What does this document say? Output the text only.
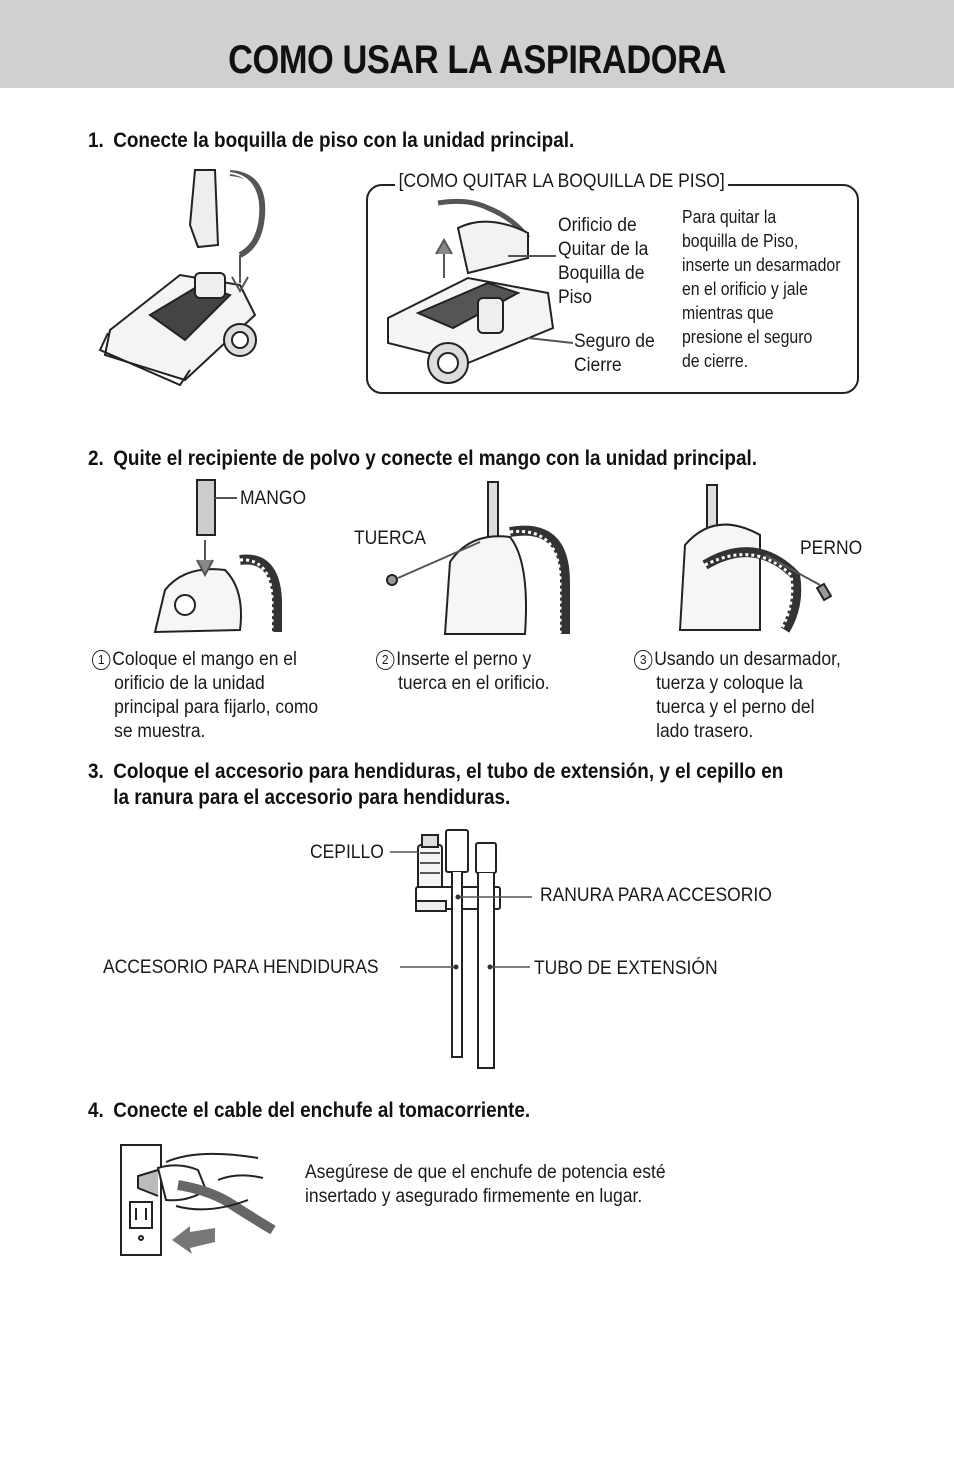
COMO USAR LA ASPIRADORA
1. Conecte la boquilla de piso con la unidad principal.
[COMO QUITAR LA BOQUILLA DE PISO]
Orificio de
Quitar de la
Boquilla de
Piso
Seguro de
Cierre
Para quitar la
boquilla de Piso,
inserte un desarmador
en el orificio y jale
mientras que
presione el seguro
de cierre.
2. Quite el recipiente de polvo y conecte el mango con la unidad principal.
MANGO
TUERCA	PERNO
1 Coloque el mango en el
orificio de la unidad
principal para fijarlo, como
se muestra.
2 Inserte el perno y
tuerca en el orificio.
3 Usando un desarmador,
tuerza y coloque la
tuerca y el perno del
lado trasero.
3. Coloque el accesorio para hendiduras, el tubo de extensión, y el cepillo en
la ranura para el accesorio para hendiduras.
CEPILLO
RANURA PARA ACCESORIO
ACCESORIO PARA HENDIDURAS	TUBO DE EXTENSIÓN
4. Conecte el cable del enchufe al tomacorriente.
Asegúrese de que el enchufe de potencia esté
insertado y asegurado firmemente en lugar.
